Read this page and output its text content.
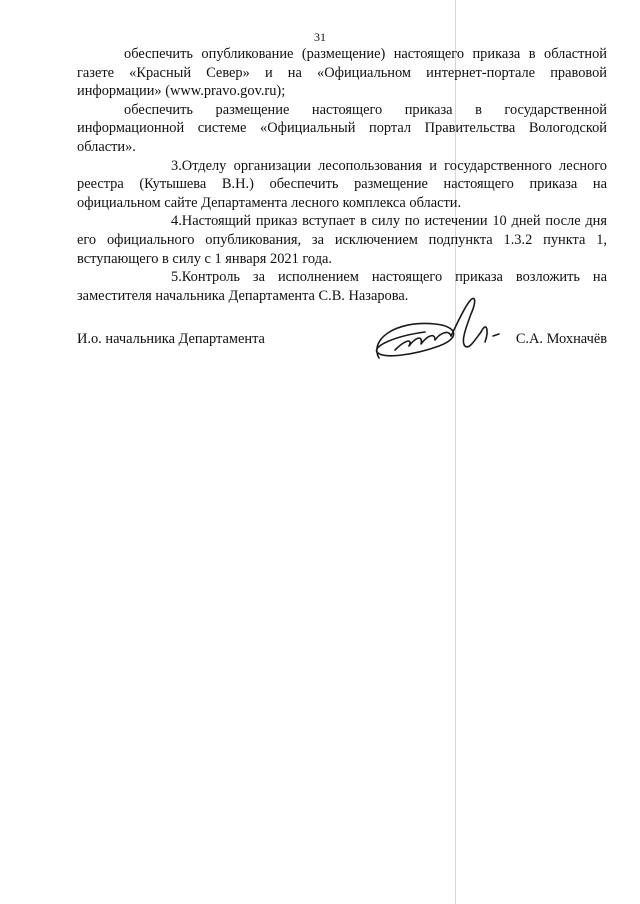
31

обеспечить опубликование (размещение) настоящего приказа в областной газете «Красный Север» и на «Официальном интернет-портале правовой информации» (www.pravo.gov.ru);

обеспечить размещение настоящего приказа в государственной информационной системе «Официальный портал Правительства Вологодской области».

3.Отделу организации лесопользования и государственного лесного реестра (Кутышева В.Н.) обеспечить размещение настоящего приказа на официальном сайте Департамента лесного комплекса области.

4.Настоящий приказ вступает в силу по истечении 10 дней после дня его официального опубликования, за исключением подпункта 1.3.2 пункта 1, вступающего в силу с 1 января 2021 года.

5.Контроль за исполнением настоящего приказа возложить на заместителя начальника Департамента С.В. Назарова.

И.о. начальника Департамента	С.А. Мохначёв
